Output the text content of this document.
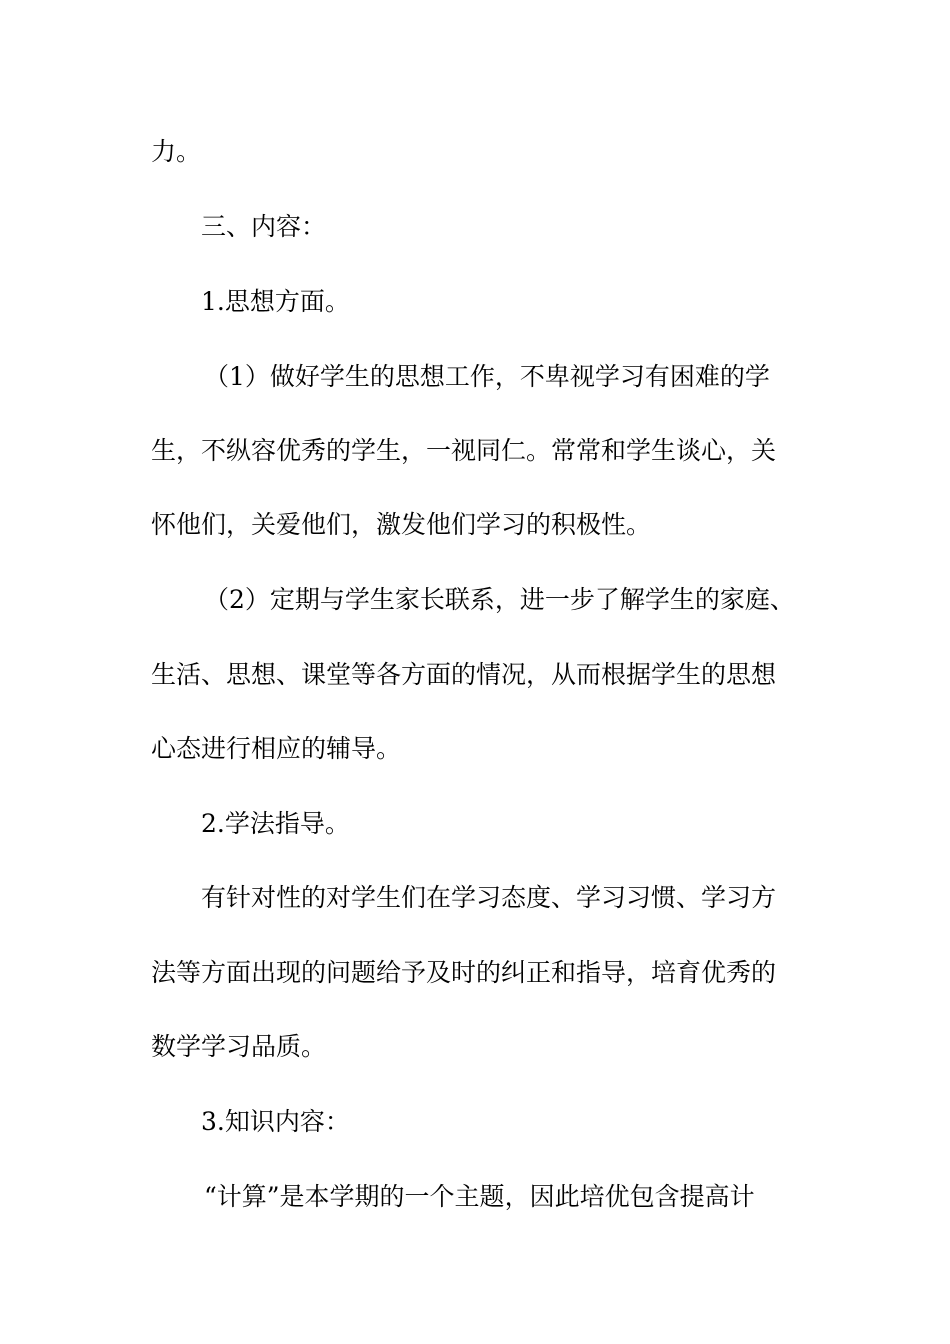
力。

三、内容：

1.思想方面。

（1）做好学生的思想工作，不卑视学习有困难的学

生，不纵容优秀的学生，一视同仁。常常和学生谈心，关

怀他们，关爱他们，激发他们学习的积极性。

（2）定期与学生家长联系，进一步了解学生的家庭、

生活、思想、课堂等各方面的情况，从而根据学生的思想

心态进行相应的辅导。

2.学法指导。

有针对性的对学生们在学习态度、学习习惯、学习方

法等方面出现的问题给予及时的纠正和指导，培育优秀的

数学学习品质。

3.知识内容：

“计算”是本学期的一个主题，因此培优包含提高计
